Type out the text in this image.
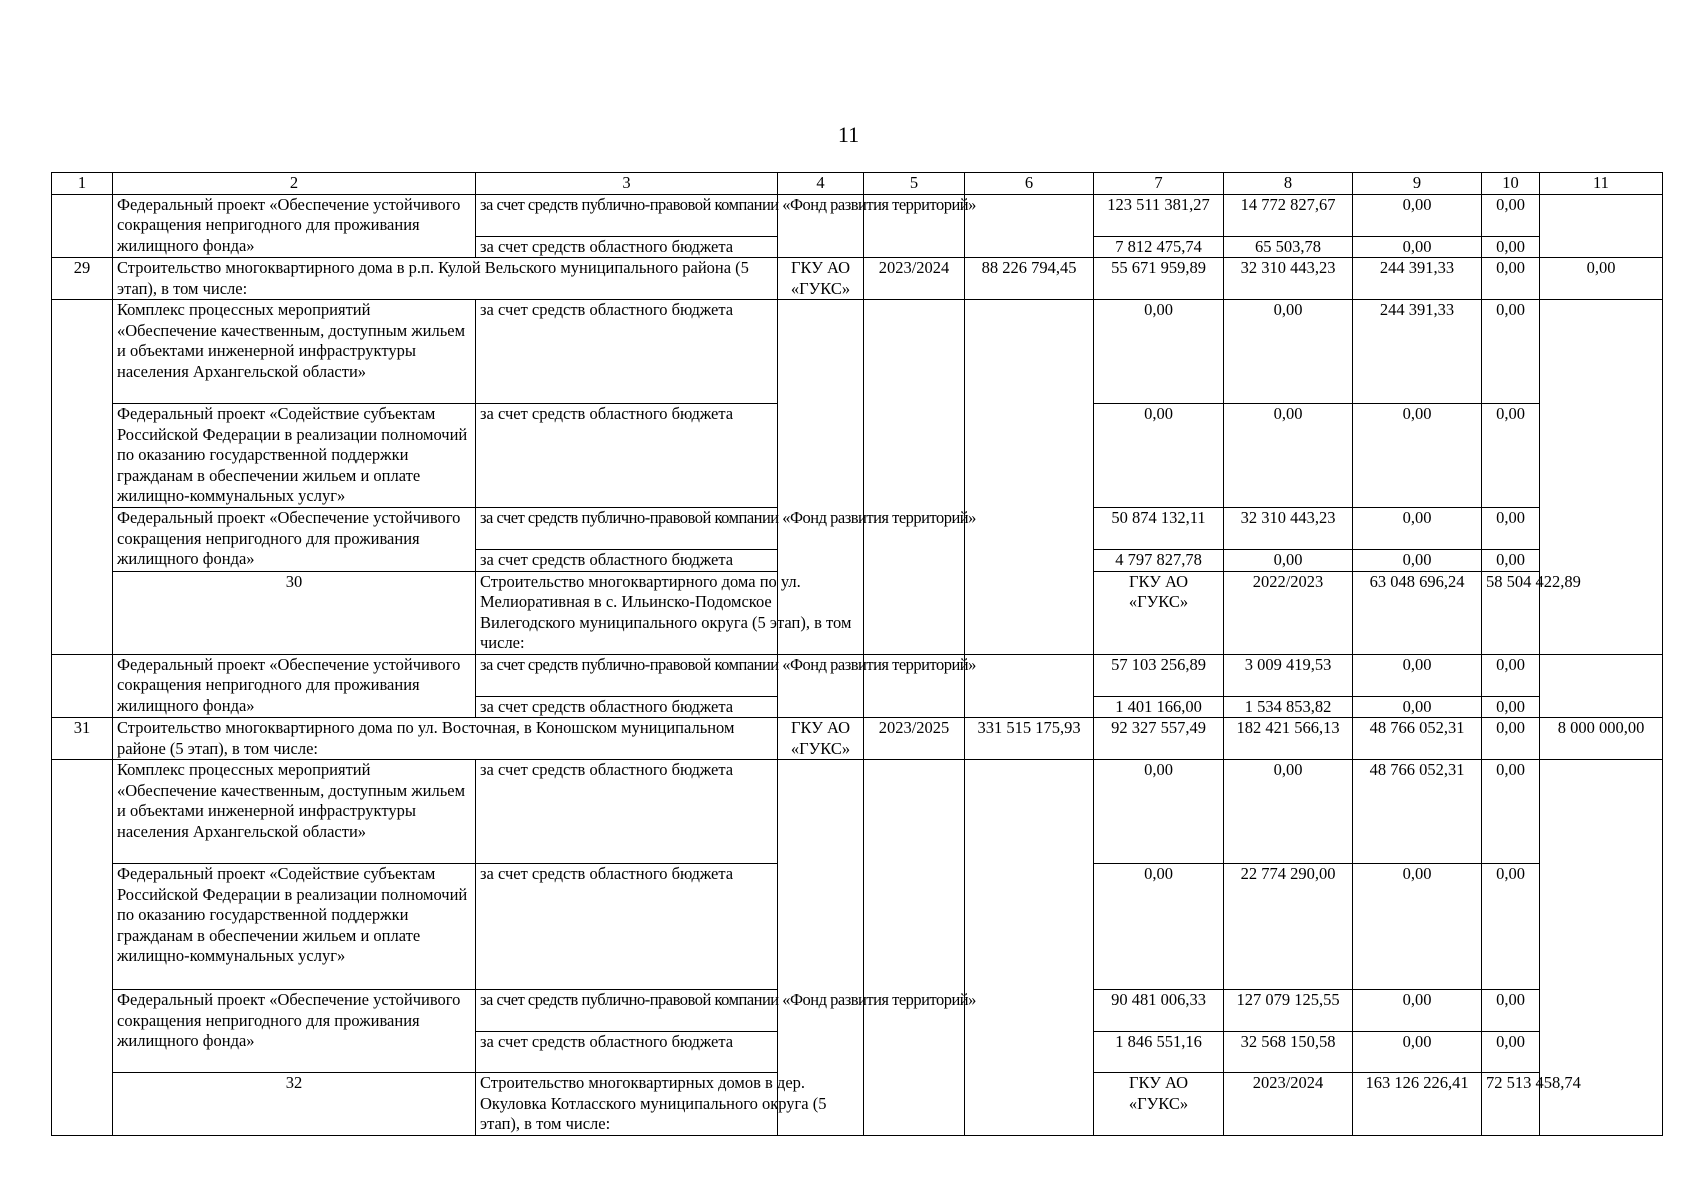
11
1	2	3	4	5	6	7	8	9	10	11	
	Федеральный проект «Обеспечение устойчивого сокращения непригодного для проживания жилищного фонда»	за счет средств публично-правовой компании «Фонд развития территорий»				123 511 381,27	14 772 827,67	0,00	0,00		
		за счет средств областного бюджета				7 812 475,74	65 503,78	0,00	0,00		
29	Строительство многоквартирного дома в р.п. Кулой Вельского муниципального района (5 этап), в том числе:		ГКУ АО «ГУКС»	2023/2024	88 226 794,45	55 671 959,89	32 310 443,23	244 391,33	0,00	0,00	
	Комплекс процессных мероприятий «Обеспечение качественным, доступным жильем и объектами инженерной инфраструктуры населения Архангельской области»	за счет средств областного бюджета				0,00	0,00	244 391,33	0,00		
	Федеральный проект «Содействие субъектам Российской Федерации в реализации полномочий по оказанию государственной поддержки гражданам в обеспечении жильем и оплате жилищно-коммунальных услуг»	за счет средств областного бюджета				0,00	0,00	0,00	0,00		
	Федеральный проект «Обеспечение устойчивого сокращения непригодного для проживания жилищного фонда»	за счет средств публично-правовой компании «Фонд развития территорий»				50 874 132,11	32 310 443,23	0,00	0,00		
		за счет средств областного бюджета				4 797 827,78	0,00	0,00	0,00		
	30	Строительство многоквартирного дома по ул. Мелиоративная в с. Ильинско-Подомское Вилегодского муниципального округа (5 этап), в том числе:				ГКУ АО «ГУКС»	2022/2023	63 048 696,24	58 504 422,89				
	Федеральный проект «Обеспечение устойчивого сокращения непригодного для проживания жилищного фонда»	за счет средств публично-правовой компании «Фонд развития территорий»				57 103 256,89	3 009 419,53	0,00	0,00		
		за счет средств областного бюджета				1 401 166,00	1 534 853,82	0,00	0,00		
31	Строительство многоквартирного дома по ул. Восточная, в Коношском муниципальном районе (5 этап), в том числе:		ГКУ АО «ГУКС»	2023/2025	331 515 175,93	92 327 557,49	182 421 566,13	48 766 052,31	0,00	8 000 000,00	
	Комплекс процессных мероприятий «Обеспечение качественным, доступным жильем и объектами инженерной инфраструктуры населения Архангельской области»	за счет средств областного бюджета				0,00	0,00	48 766 052,31	0,00		
	Федеральный проект «Содействие субъектам Российской Федерации в реализации полномочий по оказанию государственной поддержки гражданам в обеспечении жильем и оплате жилищно-коммунальных услуг»	за счет средств областного бюджета				0,00	22 774 290,00	0,00	0,00		
	Федеральный проект «Обеспечение устойчивого сокращения непригодного для проживания жилищного фонда»	за счет средств публично-правовой компании «Фонд развития территорий»				90 481 006,33	127 079 125,55	0,00	0,00		
		за счет средств областного бюджета				1 846 551,16	32 568 150,58	0,00	0,00		
	32	Строительство многоквартирных домов в дер. Окуловка Котласского муниципального округа (5 этап), в том числе:				ГКУ АО «ГУКС»	2023/2024	163 126 226,41	72 513 458,74				
